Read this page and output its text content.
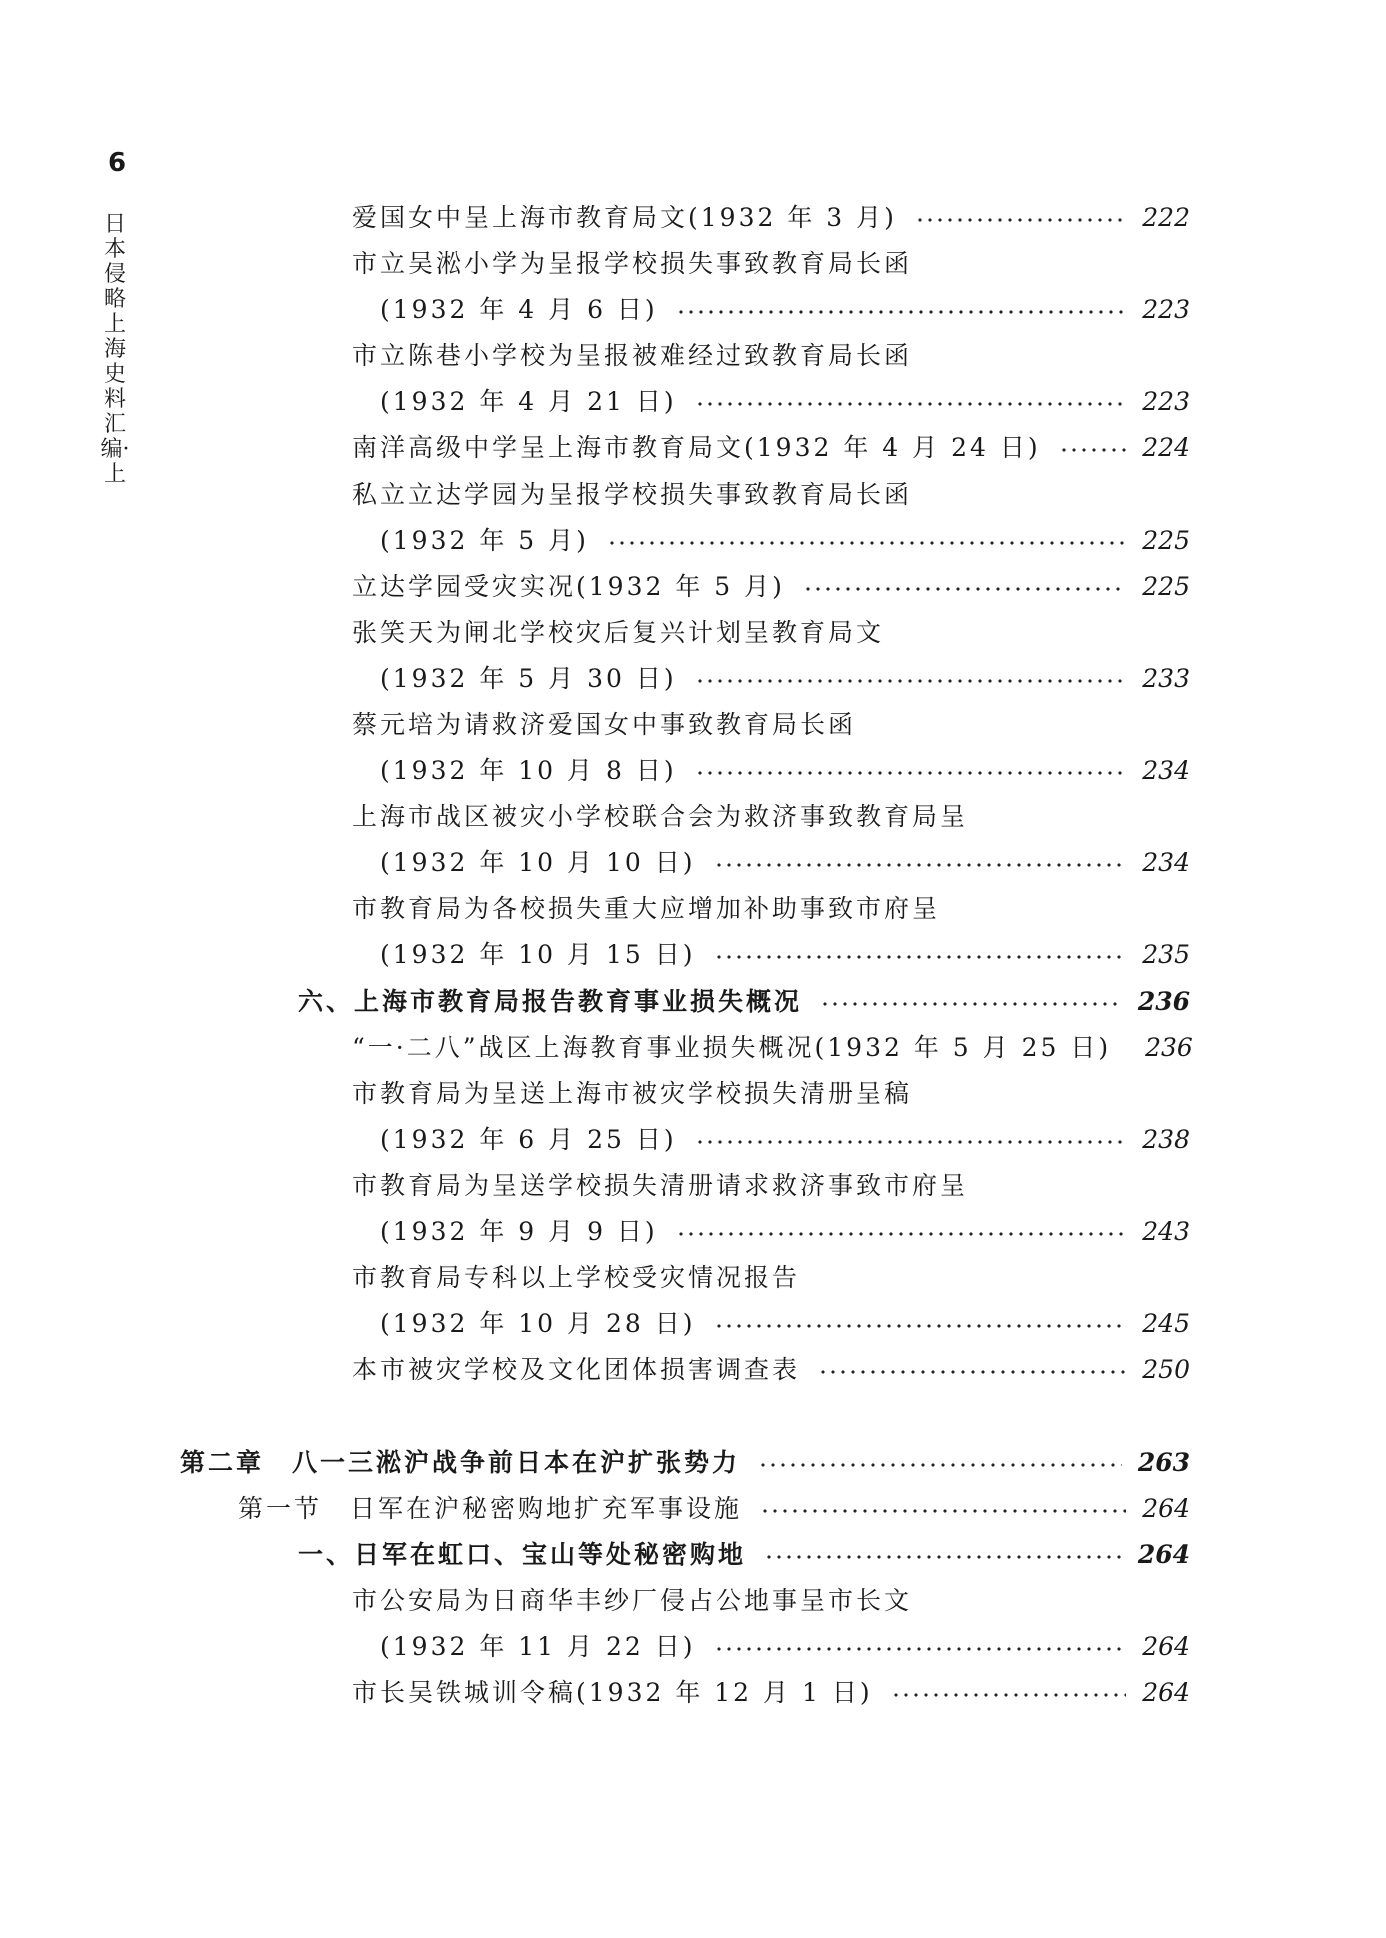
6
日本侵略上海史料汇编·上
爱国女中呈上海市教育局文(1932 年 3 月)	222
市立吴淞小学为呈报学校损失事致教育局长函
(1932 年 4 月 6 日)	223
市立陈巷小学校为呈报被难经过致教育局长函
(1932 年 4 月 21 日)	223
南洋高级中学呈上海市教育局文(1932 年 4 月 24 日)	224
私立立达学园为呈报学校损失事致教育局长函
(1932 年 5 月)	225
立达学园受灾实况(1932 年 5 月)	225
张笑天为闸北学校灾后复兴计划呈教育局文
(1932 年 5 月 30 日)	233
蔡元培为请救济爱国女中事致教育局长函
(1932 年 10 月 8 日)	234
上海市战区被灾小学校联合会为救济事致教育局呈
(1932 年 10 月 10 日)	234
市教育局为各校损失重大应增加补助事致市府呈
(1932 年 10 月 15 日)	235
六、上海市教育局报告教育事业损失概况	236
“一·二八”战区上海教育事业损失概况(1932 年 5 月 25 日) 236
市教育局为呈送上海市被灾学校损失清册呈稿
(1932 年 6 月 25 日)	238
市教育局为呈送学校损失清册请求救济事致市府呈
(1932 年 9 月 9 日)	243
市教育局专科以上学校受灾情况报告
(1932 年 10 月 28 日)	245
本市被灾学校及文化团体损害调查表	250
第二章　八一三淞沪战争前日本在沪扩张势力	263
第一节　日军在沪秘密购地扩充军事设施	264
一、日军在虹口、宝山等处秘密购地	264
市公安局为日商华丰纱厂侵占公地事呈市长文
(1932 年 11 月 22 日)	264
市长吴铁城训令稿(1932 年 12 月 1 日)	264
